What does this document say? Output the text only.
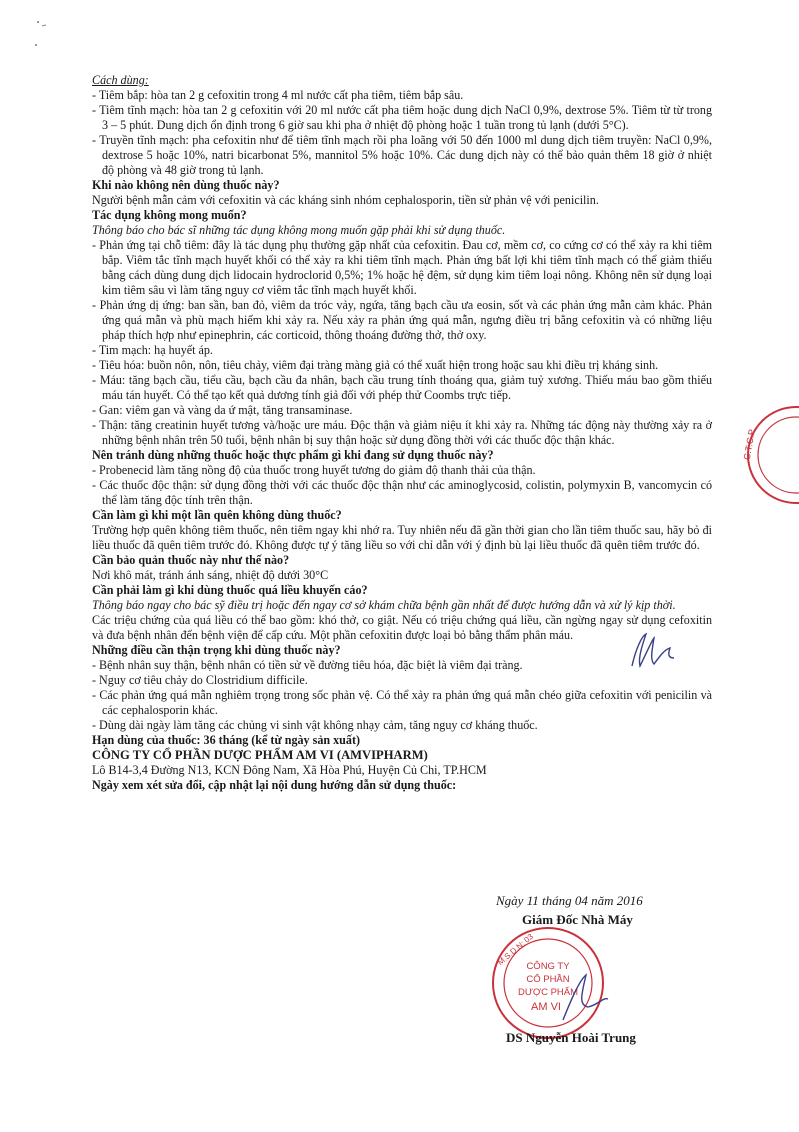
Cách dùng:

- Tiêm bắp: hòa tan 2 g cefoxitin trong 4 ml nước cất pha tiêm, tiêm bắp sâu.

- Tiêm tĩnh mạch: hòa tan 2 g cefoxitin với 20 ml nước cất pha tiêm hoặc dung dịch NaCl 0,9%, dextrose 5%. Tiêm từ từ trong 3 – 5 phút. Dung dịch ổn định trong 6 giờ sau khi pha ở nhiệt độ phòng hoặc 1 tuần trong tủ lạnh (dưới 5°C).

- Truyền tĩnh mạch: pha cefoxitin như để tiêm tĩnh mạch rồi pha loãng với 50 đến 1000 ml dung dịch tiêm truyền: NaCl 0,9%, dextrose 5 hoặc 10%, natri bicarbonat 5%, mannitol 5% hoặc 10%. Các dung dịch này có thể bảo quản thêm 18 giờ ở nhiệt độ phòng và 48 giờ trong tủ lạnh.

Khi nào không nên dùng thuốc này?

Người bệnh mẫn cảm với cefoxitin và các kháng sinh nhóm cephalosporin, tiền sử phản vệ với penicilin.

Tác dụng không mong muốn?

Thông báo cho bác sĩ những tác dụng không mong muốn gặp phải khi sử dụng thuốc.

- Phản ứng tại chỗ tiêm: đây là tác dụng phụ thường gặp nhất của cefoxitin. Đau cơ, mềm cơ, co cứng cơ có thể xảy ra khi tiêm bắp. Viêm tắc tĩnh mạch huyết khối có thể xảy ra khi tiêm tĩnh mạch. Phản ứng bất lợi khi tiêm tĩnh mạch có thể giảm thiểu bằng cách dùng dung dịch lidocain hydroclorid 0,5%; 1% hoặc hệ đệm, sử dụng kim tiêm loại nông. Không nên sử dụng loại kim tiêm sâu vì làm tăng nguy cơ viêm tắc tĩnh mạch huyết khối.

- Phản ứng dị ứng: ban sần, ban đỏ, viêm da tróc vảy, ngứa, tăng bạch cầu ưa eosin, sốt và các phản ứng mẫn cảm khác. Phản ứng quá mẫn và phù mạch hiếm khi xảy ra. Nếu xảy ra phản ứng quá mẫn, ngưng điều trị bằng cefoxitin và có những liệu pháp thích hợp như epinephrin, các corticoid, thông thoáng đường thở, thở oxy.

- Tim mạch: hạ huyết áp.

- Tiêu hóa: buồn nôn, nôn, tiêu chảy, viêm đại tràng màng giả có thể xuất hiện trong hoặc sau khi điều trị kháng sinh.

- Máu: tăng bạch cầu, tiểu cầu, bạch cầu đa nhân, bạch cầu trung tính thoáng qua, giảm tuỷ xương. Thiếu máu bao gồm thiếu máu tán huyết. Có thể tạo kết quả dương tính giả đối với phép thử Coombs trực tiếp.

- Gan: viêm gan và vàng da ứ mật, tăng transaminase.

- Thận: tăng creatinin huyết tương và/hoặc ure máu. Độc thận và giảm niệu ít khi xảy ra. Những tác động này thường xảy ra ở những bệnh nhân trên 50 tuổi, bệnh nhân bị suy thận hoặc sử dụng đồng thời với các thuốc độc thận khác.

Nên tránh dùng những thuốc hoặc thực phẩm gì khi đang sử dụng thuốc này?

- Probenecid làm tăng nồng độ của thuốc trong huyết tương do giảm độ thanh thải của thận.

- Các thuốc độc thận: sử dụng đồng thời với các thuốc độc thận như các aminoglycosid, colistin, polymyxin B, vancomycin có thể làm tăng độc tính trên thận.

Cần làm gì khi một lần quên không dùng thuốc?

Trường hợp quên không tiêm thuốc, nên tiêm ngay khi nhớ ra. Tuy nhiên nếu đã gần thời gian cho lần tiêm thuốc sau, hãy bỏ đi liều thuốc đã quên tiêm trước đó. Không được tự ý tăng liều so với chỉ dẫn với ý định bù lại liều thuốc đã quên tiêm trước đó.

Cần bảo quản thuốc này như thế nào?

Nơi khô mát, tránh ánh sáng, nhiệt độ dưới 30°C

Cần phải làm gì khi dùng thuốc quá liều khuyến cáo?

Thông báo ngay cho bác sỹ điều trị hoặc đến ngay cơ sở khám chữa bệnh gần nhất để được hướng dẫn và xử lý kịp thời.

Các triệu chứng của quá liều có thể bao gồm: khó thở, co giật. Nếu có triệu chứng quá liều, cần ngừng ngay sử dụng cefoxitin và đưa bệnh nhân đến bệnh viện để cấp cứu. Một phần cefoxitin được loại bỏ bằng thẩm phân máu.

Những điều cần thận trọng khi dùng thuốc này?

- Bệnh nhân suy thận, bệnh nhân có tiền sử về đường tiêu hóa, đặc biệt là viêm đại tràng.

- Nguy cơ tiêu chảy do Clostridium difficile.

- Các phản ứng quá mẫn nghiêm trọng trong sốc phản vệ. Có thể xảy ra phản ứng quá mẫn chéo giữa cefoxitin với penicilin và các cephalosporin khác.

- Dùng dài ngày làm tăng các chủng vi sinh vật không nhạy cảm, tăng nguy cơ kháng thuốc.

Hạn dùng của thuốc: 36 tháng (kể từ ngày sản xuất)

CÔNG TY CỔ PHẦN DƯỢC PHẨM AM VI (AMVIPHARM)

Lô B14-3,4 Đường N13, KCN Đông Nam, Xã Hòa Phú, Huyện Củ Chi, TP.HCM

Ngày xem xét sửa đổi, cập nhật lại nội dung hướng dẫn sử dụng thuốc:

C.T.C.P
Ngày 11 tháng 04 năm 2016
Giám Đốc Nhà Máy
M.S.D.N: 03
CÔNG TY
CỔ PHẦN
DƯỢC PHẨM
AM VI
DS Nguyễn Hoài Trung
